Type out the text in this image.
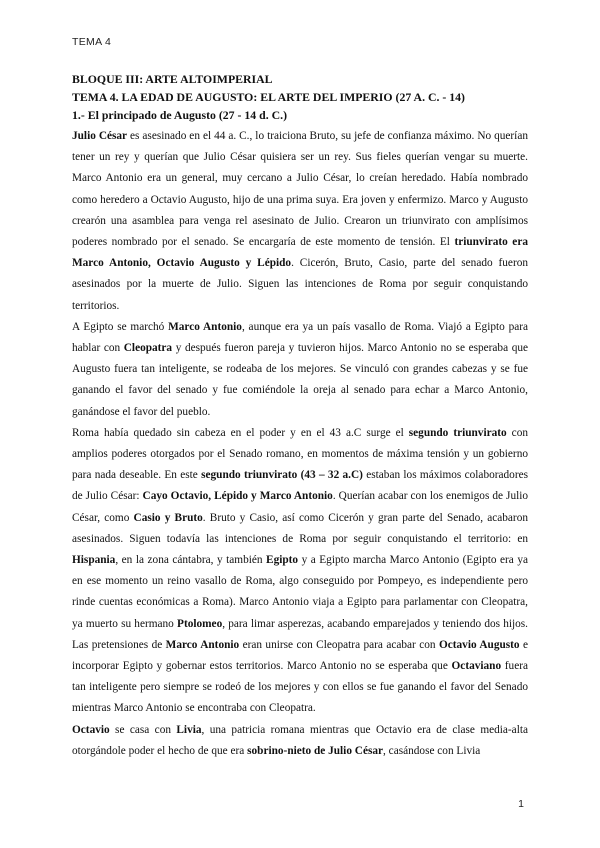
TEMA 4

BLOQUE III: ARTE ALTOIMPERIAL

TEMA 4. LA EDAD DE AUGUSTO: EL ARTE DEL IMPERIO (27 A. C. - 14)

1.- El principado de Augusto (27 - 14 d. C.)

Julio César es asesinado en el 44 a. C., lo traiciona Bruto, su jefe de confianza máximo. No querían tener un rey y querían que Julio César quisiera ser un rey. Sus fieles querían vengar su muerte. Marco Antonio era un general, muy cercano a Julio César, lo creían heredado. Había nombrado como heredero a Octavio Augusto, hijo de una prima suya. Era joven y enfermizo. Marco y Augusto crearón una asamblea para venga rel asesinato de Julio. Crearon un triunvirato con amplísimos poderes nombrado por el senado. Se encargaría de este momento de tensión. El triunvirato era Marco Antonio, Octavio Augusto y Lépido. Cicerón, Bruto, Casio, parte del senado fueron asesinados por la muerte de Julio. Siguen las intenciones de Roma por seguir conquistando territorios.

A Egipto se marchó Marco Antonio, aunque era ya un país vasallo de Roma. Viajó a Egipto para hablar con Cleopatra y después fueron pareja y tuvieron hijos. Marco Antonio no se esperaba que Augusto fuera tan inteligente, se rodeaba de los mejores. Se vinculó con grandes cabezas y se fue ganando el favor del senado y fue comiéndole la oreja al senado para echar a Marco Antonio, ganándose el favor del pueblo.

Roma había quedado sin cabeza en el poder y en el 43 a.C surge el segundo triunvirato con amplios poderes otorgados por el Senado romano, en momentos de máxima tensión y un gobierno para nada deseable. En este segundo triunvirato (43 – 32 a.C) estaban los máximos colaboradores de Julio César: Cayo Octavio, Lépido y Marco Antonio. Querían acabar con los enemigos de Julio César, como Casio y Bruto. Bruto y Casio, así como Cicerón y gran parte del Senado, acabaron asesinados. Siguen todavía las intenciones de Roma por seguir conquistando el territorio: en Hispania, en la zona cántabra, y también Egipto y a Egipto marcha Marco Antonio (Egipto era ya en ese momento un reino vasallo de Roma, algo conseguido por Pompeyo, es independiente pero rinde cuentas económicas a Roma). Marco Antonio viaja a Egipto para parlamentar con Cleopatra, ya muerto su hermano Ptolomeo, para limar asperezas, acabando emparejados y teniendo dos hijos. Las pretensiones de Marco Antonio eran unirse con Cleopatra para acabar con Octavio Augusto e incorporar Egipto y gobernar estos territorios. Marco Antonio no se esperaba que Octaviano fuera tan inteligente pero siempre se rodeó de los mejores y con ellos se fue ganando el favor del Senado mientras Marco Antonio se encontraba con Cleopatra.

Octavio se casa con Livia, una patricia romana mientras que Octavio era de clase media-alta otorgándole poder el hecho de que era sobrino-nieto de Julio César, casándose con Livia

1
